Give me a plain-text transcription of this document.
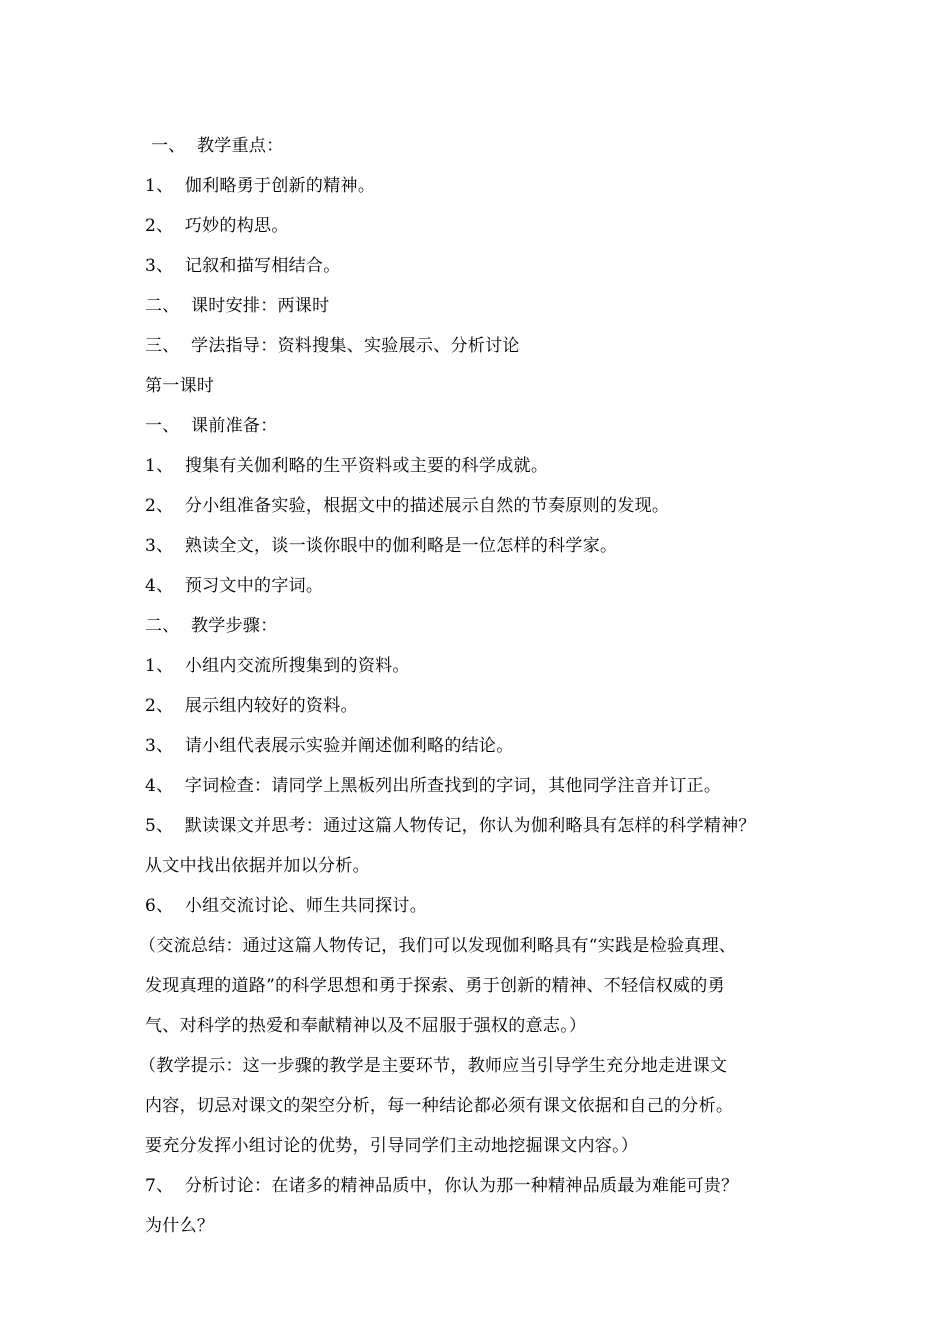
一、  教学重点：
1、  伽利略勇于创新的精神。
2、  巧妙的构思。
3、  记叙和描写相结合。
二、  课时安排：两课时
三、  学法指导：资料搜集、实验展示、分析讨论
第一课时
一、  课前准备：
1、  搜集有关伽利略的生平资料或主要的科学成就。
2、  分小组准备实验，根据文中的描述展示自然的节奏原则的发现。
3、  熟读全文，谈一谈你眼中的伽利略是一位怎样的科学家。
4、  预习文中的字词。
二、  教学步骤：
1、  小组内交流所搜集到的资料。
2、  展示组内较好的资料。
3、  请小组代表展示实验并阐述伽利略的结论。
4、  字词检查：请同学上黑板列出所查找到的字词，其他同学注音并订正。
5、  默读课文并思考：通过这篇人物传记，你认为伽利略具有怎样的科学精神？
从文中找出依据并加以分析。
6、  小组交流讨论、师生共同探讨。
（交流总结：通过这篇人物传记，我们可以发现伽利略具有“实践是检验真理、
发现真理的道路”的科学思想和勇于探索、勇于创新的精神、不轻信权威的勇
气、对科学的热爱和奉献精神以及不屈服于强权的意志。）
（教学提示：这一步骤的教学是主要环节，教师应当引导学生充分地走进课文
内容，切忌对课文的架空分析，每一种结论都必须有课文依据和自己的分析。
要充分发挥小组讨论的优势，引导同学们主动地挖掘课文内容。）
7、  分析讨论：在诸多的精神品质中，你认为那一种精神品质最为难能可贵？
为什么？
